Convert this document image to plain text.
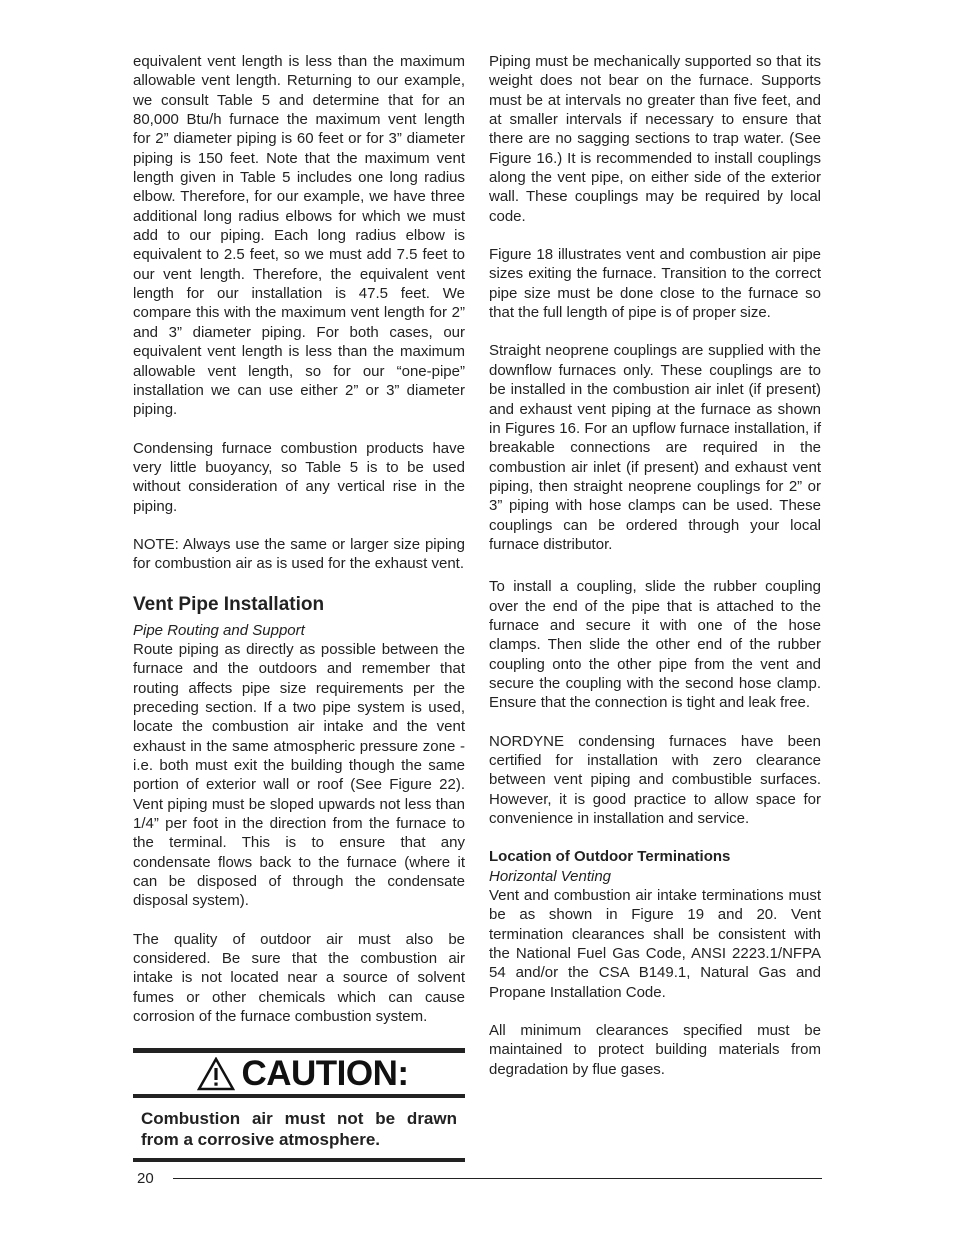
equivalent vent length is less than the maximum allowable vent length. Returning to our example, we consult Table 5 and determine that for an 80,000 Btu/h furnace the maximum vent length for 2” diameter piping is 60 feet or for 3” diameter piping is 150 feet. Note that the maximum vent length given in Table 5 includes one long radius elbow. Therefore, for our example, we have three additional long radius elbows for which we must add to our piping. Each long radius elbow is equivalent to 2.5 feet, so we must add 7.5 feet to our vent length. Therefore, the equivalent vent length for our installation is 47.5 feet. We compare this with the maximum vent length for 2” and 3” diameter piping. For both cases, our equivalent vent length is less than the maximum allowable vent length, so for our “one-pipe” installation we can use either 2” or 3” diameter piping.

Condensing furnace combustion products have very little buoyancy, so Table 5 is to be used without consideration of any vertical rise in the piping.

NOTE: Always use the same or larger size piping for combustion air as is used for the exhaust vent.

Vent Pipe Installation
Pipe Routing and Support

Route piping as directly as possible between the furnace and the outdoors and remember that routing affects pipe size requirements per the preceding section. If a two pipe system is used, locate the combustion air intake and the vent exhaust in the same atmospheric pressure zone - i.e. both must exit the building though the same portion of exterior wall or roof (See Figure 22). Vent piping must be sloped upwards not less than 1/4” per foot in the direction from the furnace to the terminal. This is to ensure that any condensate flows back to the furnace (where it can be disposed of through the condensate disposal system).

The quality of outdoor air must also be considered. Be sure that the combustion air intake is not located near a source of solvent fumes or other chemicals which can cause corrosion of the furnace combustion system.

CAUTION:
Combustion air must not be drawn from a corrosive atmosphere.

Piping must be mechanically supported so that its weight does not bear on the furnace. Supports must be at intervals no greater than five feet, and at smaller intervals if necessary to ensure that there are no sagging sections to trap water. (See Figure 16.) It is recommended to install couplings along the vent pipe, on either side of the exterior wall. These couplings may be required by local code.

Figure 18 illustrates vent and combustion air pipe sizes exiting the furnace. Transition to the correct pipe size must be done close to the furnace so that the full length of pipe is of proper size.

Straight neoprene couplings are supplied with the downflow furnaces only. These couplings are to be installed in the combustion air inlet (if present) and exhaust vent piping at the furnace as shown in Figures 16. For an upflow furnace installation, if breakable connections are required in the combustion air inlet (if present) and exhaust vent piping, then straight neoprene couplings for 2” or 3” piping with hose clamps can be used. These couplings can be ordered through your local furnace distributor.

To install a coupling, slide the rubber coupling over the end of the pipe that is attached to the furnace and secure it with one of the hose clamps. Then slide the other end of the rubber coupling onto the other pipe from the vent and secure the coupling with the second hose clamp. Ensure that the connection is tight and leak free.

NORDYNE condensing furnaces have been certified for installation with zero clearance between vent piping and combustible surfaces. However, it is good practice to allow space for convenience in installation and service.

Location of Outdoor Terminations
Horizontal Venting

Vent and combustion air intake terminations must be as shown in Figure 19 and 20. Vent termination clearances shall be consistent with the National Fuel Gas Code, ANSI 2223.1/NFPA 54 and/or the CSA B149.1, Natural Gas and Propane Installation Code.

All minimum clearances specified must be maintained to protect building materials from degradation by flue gases.

20
